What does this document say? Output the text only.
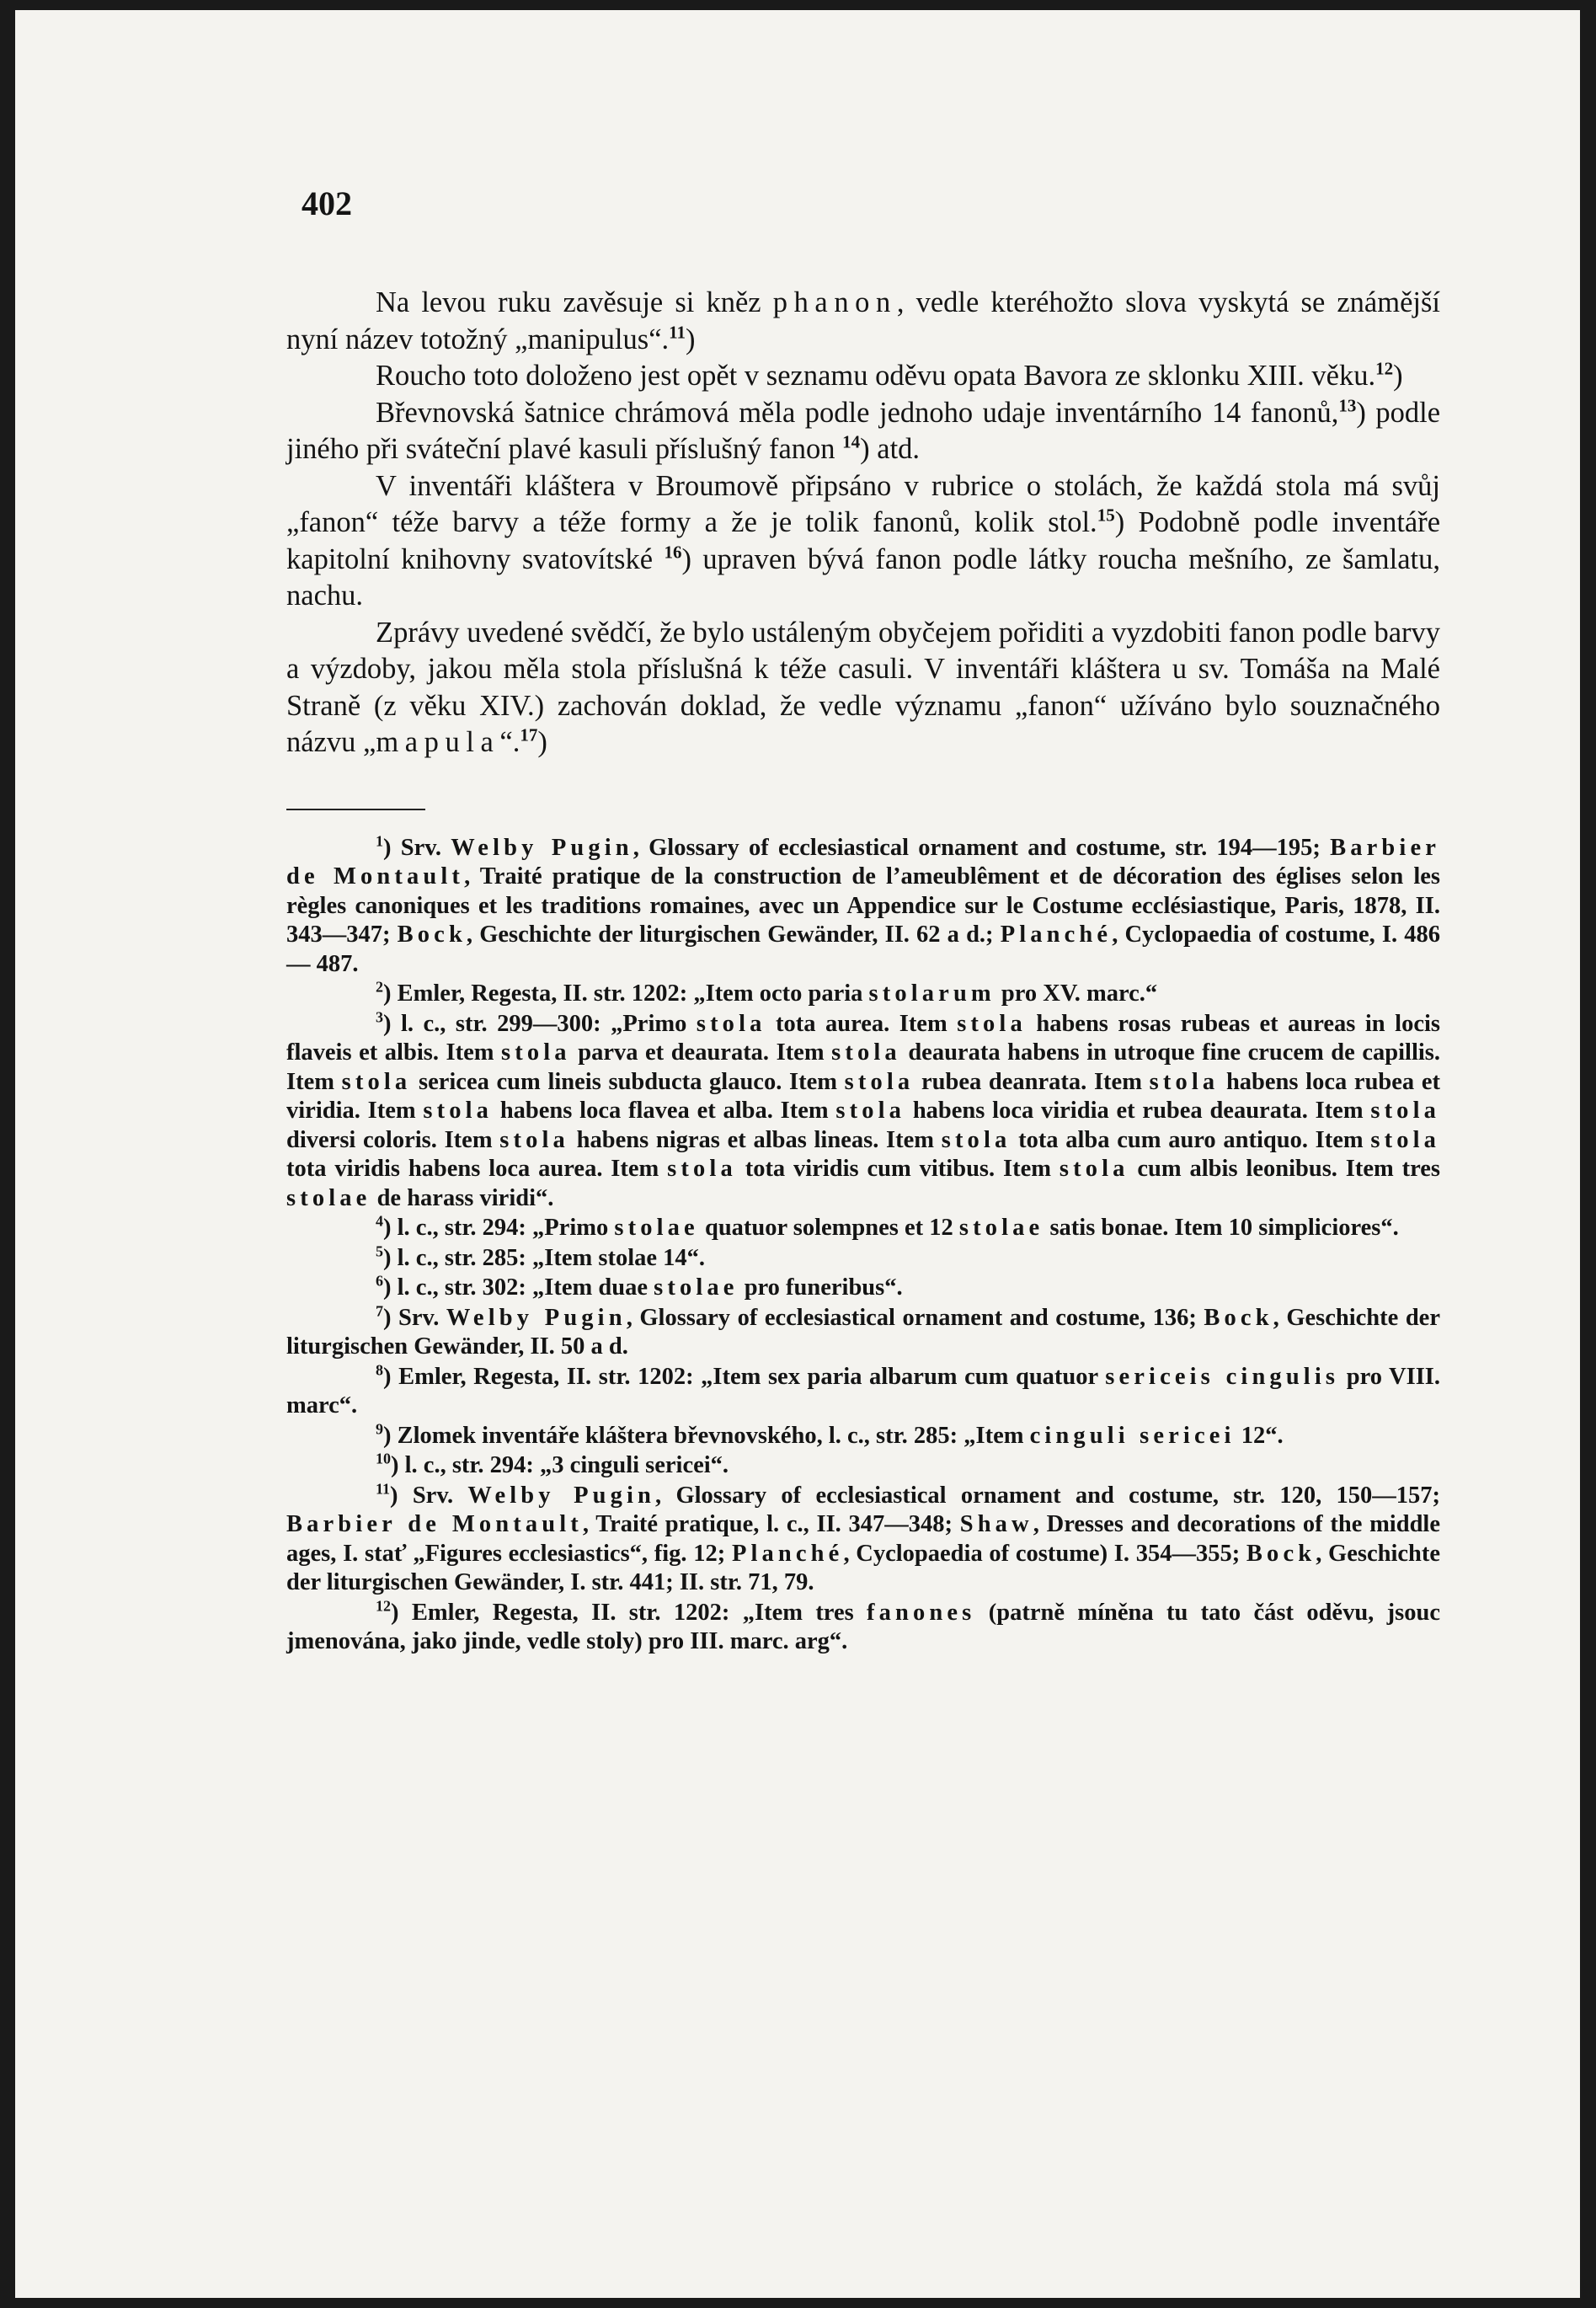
402

Na levou ruku zavěsuje si kněz phanon, vedle kteréhožto slova vyskytá se známější nyní název totožný „manipulus“.$^{11}$)

Roucho toto doloženo jest opět v seznamu oděvu opata Bavora ze sklonku XIII. věku.$^{12}$)

Břevnovská šatnice chrámová měla podle jednoho udaje inventárního 14 fanonů,$^{13}$) podle jiného při sváteční plavé kasuli příslušný fanon $^{14}$) atd.

V inventáři kláštera v Broumově připsáno v rubrice o stolách, že každá stola má svůj „fanon“ téže barvy a téže formy a že je tolik fanonů, kolik stol.$^{15}$) Podobně podle inventáře kapitolní knihovny svatovítské $^{16}$) upraven bývá fanon podle látky roucha mešního, ze šamlatu, nachu.

Zprávy uvedené svědčí, že bylo ustáleným obyčejem pořiditi a vyzdobiti fanon podle barvy a výzdoby, jakou měla stola příslušná k téže casuli. V inventáři kláštera u sv. Tomáša na Malé Straně (z věku XIV.) zachován doklad, že vedle významu „fanon“ užíváno bylo souznačného názvu „mapula“.$^{17}$)

$^1$) Srv. Welby Pugin, Glossary of ecclesiastical ornament and costume, str. 194—195; Barbier de Montault, Traité pratique de la construction de l’ameublêment et de décoration des églises selon les règles canoniques et les traditions romaines, avec un Appendice sur le Costume ecclésiastique, Paris, 1878, II. 343—347; Bock, Geschichte der liturgischen Gewänder, II. 62 a d.; Planché, Cyclopaedia of costume, I. 486— 487.

$^2$) Emler, Regesta, II. str. 1202: „Item octo paria stolarum pro XV. marc.“

$^3$) l. c., str. 299—300: „Primo stola tota aurea. Item stola habens rosas rubeas et aureas in locis flaveis et albis. Item stola parva et deaurata. Item stola deaurata habens in utroque fine crucem de capillis. Item stola sericea cum lineis subducta glauco. Item stola rubea deanrata. Item stola habens loca rubea et viridia. Item stola habens loca flavea et alba. Item stola habens loca viridia et rubea deaurata. Item stola diversi coloris. Item stola habens nigras et albas lineas. Item stola tota alba cum auro antiquo. Item stola tota viridis habens loca aurea. Item stola tota viridis cum vitibus. Item stola cum albis leonibus. Item tres stolae de harass viridi“.

$^4$) l. c., str. 294: „Primo stolae quatuor solempnes et 12 stolae satis bonae. Item 10 simpliciores“.

$^5$) l. c., str. 285: „Item stolae 14“.

$^6$) l. c., str. 302: „Item duae stolae pro funeribus“.

$^7$) Srv. Welby Pugin, Glossary of ecclesiastical ornament and costume, 136; Bock, Geschichte der liturgischen Gewänder, II. 50 a d.

$^8$) Emler, Regesta, II. str. 1202: „Item sex paria albarum cum quatuor sericeis cingulis pro VIII. marc“.

$^9$) Zlomek inventáře kláštera břevnovského, l. c., str. 285: „Item cinguli sericei 12“.

$^{10}$) l. c., str. 294: „3 cinguli sericei“.

$^{11}$) Srv. Welby Pugin, Glossary of ecclesiastical ornament and costume, str. 120, 150—157; Barbier de Montault, Traité pratique, l. c., II. 347—348; Shaw, Dresses and decorations of the middle ages, I. stať „Figures ecclesiastics“, fig. 12; Planché, Cyclopaedia of costume) I. 354—355; Bock, Geschichte der liturgischen Gewänder, I. str. 441; II. str. 71, 79.

$^{12}$) Emler, Regesta, II. str. 1202: „Item tres fanones (patrně míněna tu tato část oděvu, jsouc jmenována, jako jinde, vedle stoly) pro III. marc. arg“.
